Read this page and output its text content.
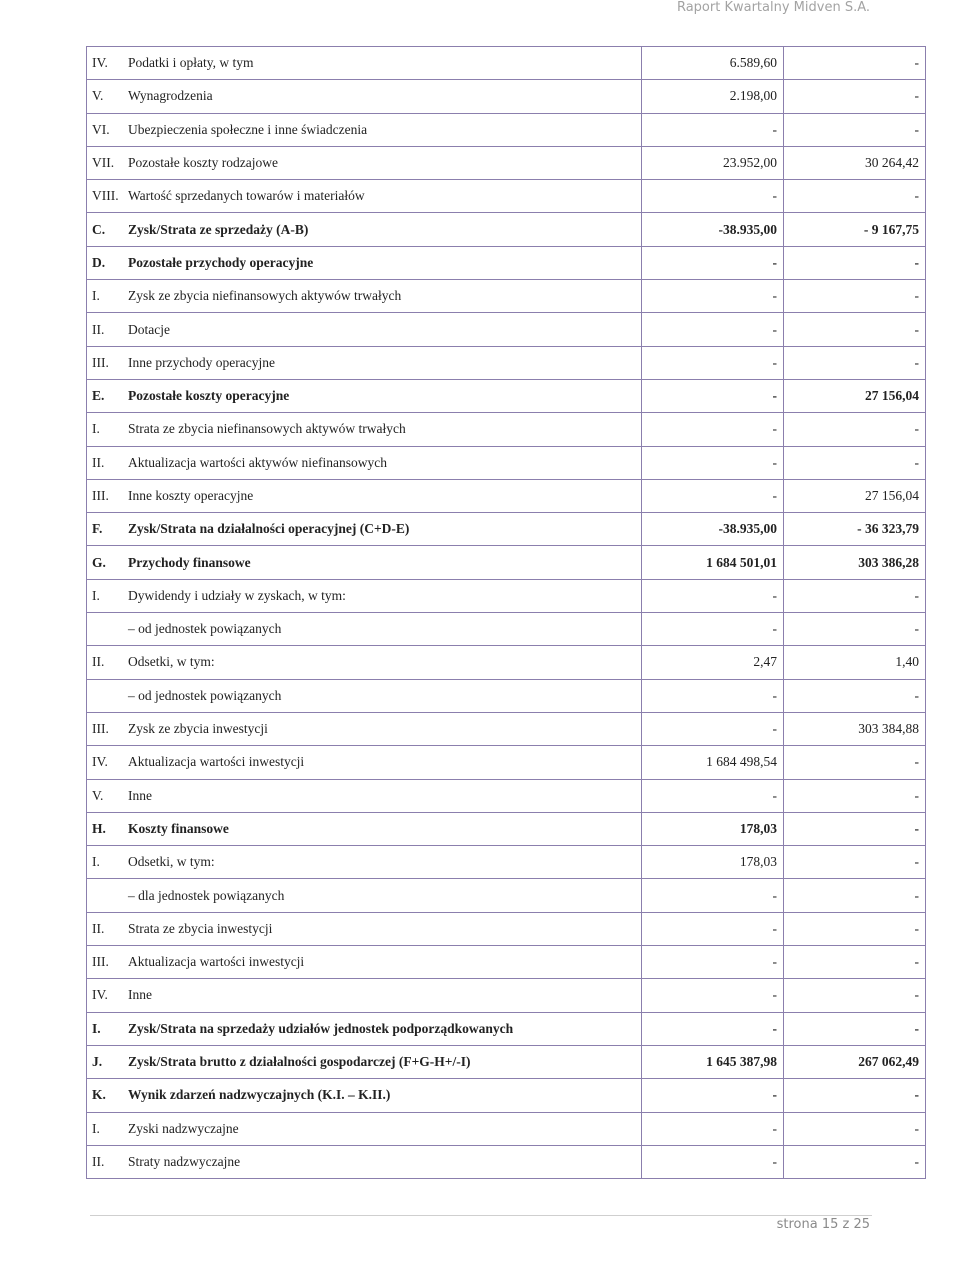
Raport Kwartalny Midven S.A.
IV.	Podatki i opłaty, w tym	6.589,60	-
V.	Wynagrodzenia	2.198,00	-
VI.	Ubezpieczenia społeczne i inne świadczenia	-	-
VII.	Pozostałe koszty rodzajowe	23.952,00	30 264,42
VIII.	Wartość sprzedanych towarów i materiałów	-	-
C.	Zysk/Strata ze sprzedaży (A-B)	-38.935,00	- 9 167,75
D.	Pozostałe przychody operacyjne	-	-
I.	Zysk ze zbycia niefinansowych aktywów trwałych	-	-
II.	Dotacje	-	-
III.	Inne przychody operacyjne	-	-
E.	Pozostałe koszty operacyjne	-	27 156,04
I.	Strata ze zbycia niefinansowych aktywów trwałych	-	-
II.	Aktualizacja wartości aktywów niefinansowych	-	-
III.	Inne koszty operacyjne	-	27 156,04
F.	Zysk/Strata na działalności operacyjnej (C+D-E)	-38.935,00	- 36 323,79
G.	Przychody finansowe	1 684 501,01	303 386,28
I.	Dywidendy i udziały w zyskach, w tym:	-	-
	– od jednostek powiązanych	-	-
II.	Odsetki, w tym:	2,47	1,40
	– od jednostek powiązanych	-	-
III.	Zysk ze zbycia inwestycji	-	303 384,88
IV.	Aktualizacja wartości inwestycji	1 684 498,54	-
V.	Inne	-	-
H.	Koszty finansowe	178,03	-
I.	Odsetki, w tym:	178,03	-
	– dla jednostek powiązanych	-	-
II.	Strata ze zbycia inwestycji	-	-
III.	Aktualizacja wartości inwestycji	-	-
IV.	Inne	-	-
I.	Zysk/Strata na sprzedaży udziałów jednostek podporządkowanych	-	-
J.	Zysk/Strata brutto z działalności gospodarczej (F+G-H+/-I)	1 645 387,98	267 062,49
K.	Wynik zdarzeń nadzwyczajnych (K.I. – K.II.)	-	-
I.	Zyski nadzwyczajne	-	-
II.	Straty nadzwyczajne	-	-
strona 15 z 25
